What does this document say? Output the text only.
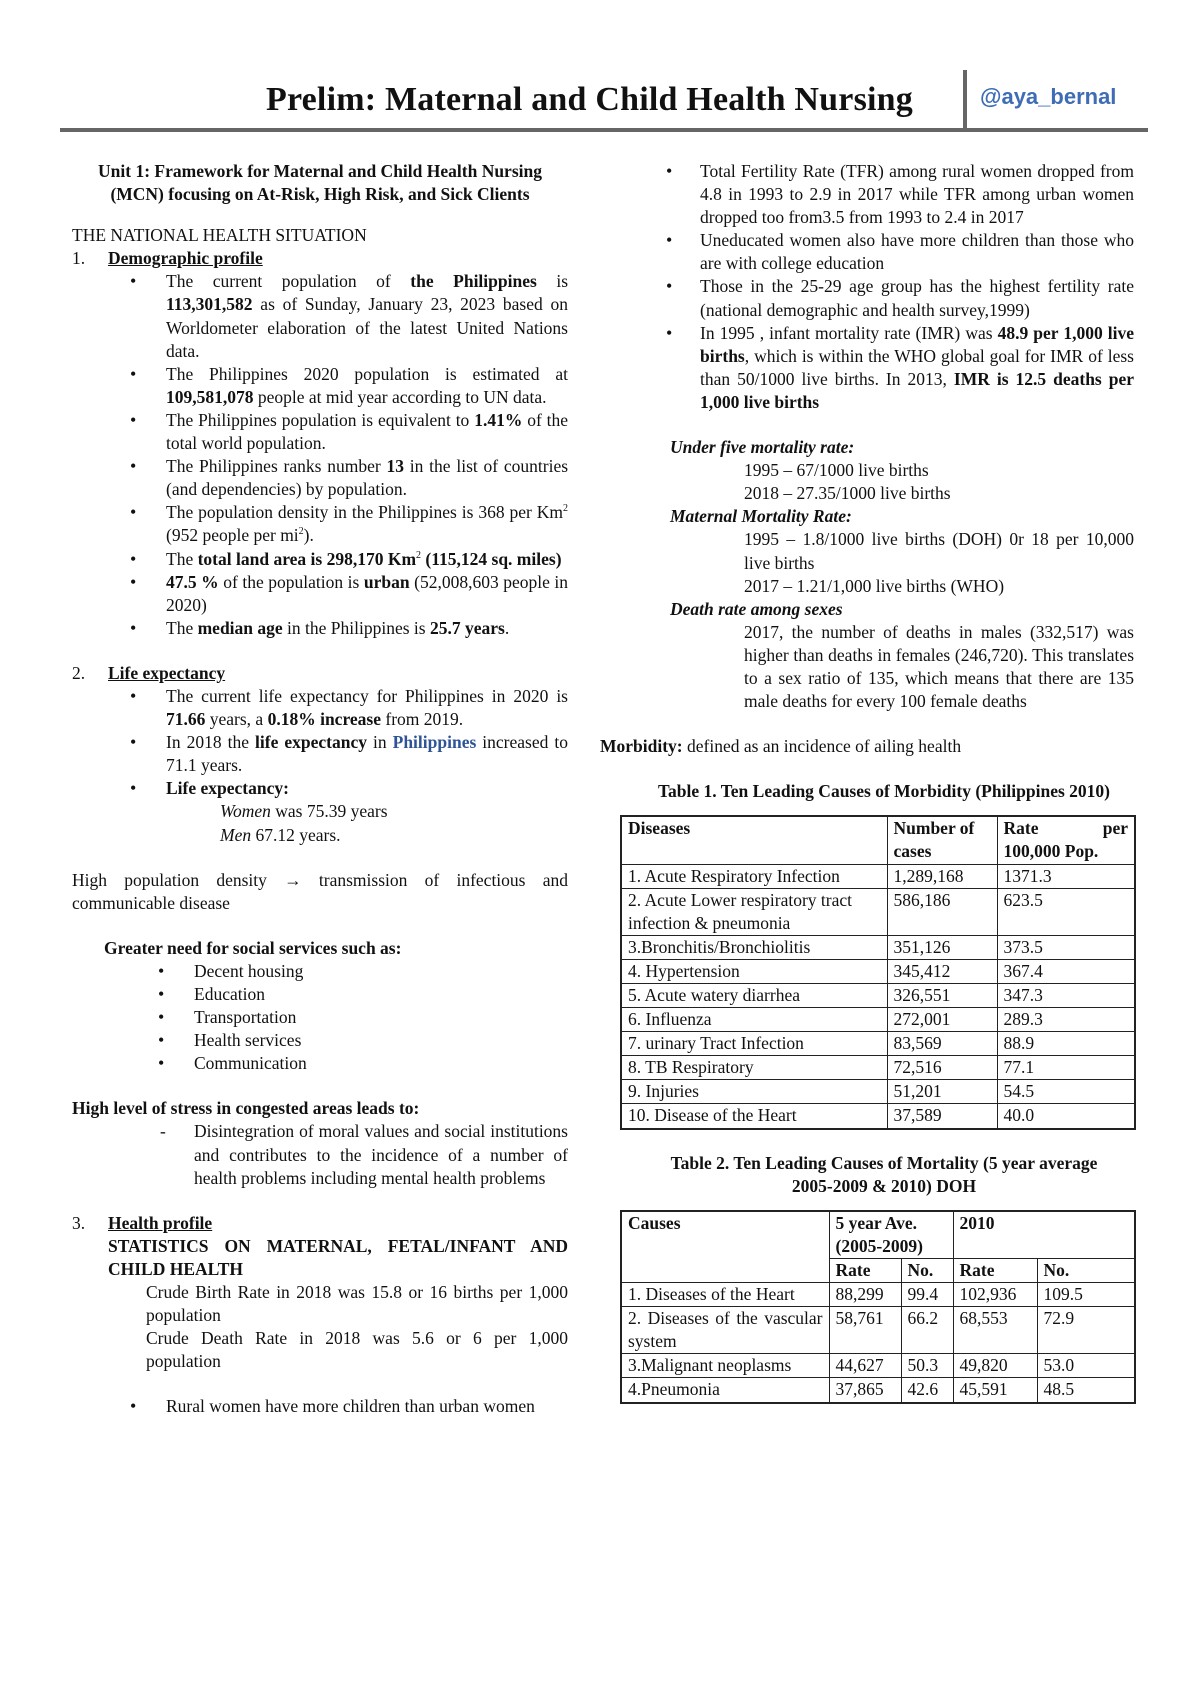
Prelim: Maternal and Child Health Nursing	@aya_bernal

Unit 1: Framework for Maternal and Child Health Nursing (MCN) focusing on At-Risk, High Risk, and Sick Clients

THE NATIONAL HEALTH SITUATION

1. Demographic profile
• The current population of the Philippines is 113,301,582 as of Sunday, January 23, 2023 based on Worldometer elaboration of the latest United Nations data.
• The Philippines 2020 population is estimated at 109,581,078 people at mid year according to UN data.
• The Philippines population is equivalent to 1.41% of the total world population.
• The Philippines ranks number 13 in the list of countries (and dependencies) by population.
• The population density in the Philippines is 368 per Km$^2$ (952 people per $mi^2$).
• The total land area is 298,170 Km$^2$ (115,124 sq. miles)
• 47.5 % of the population is urban (52,008,603 people in 2020)
• The median age in the Philippines is 25.7 years.
2. Life expectancy
• The current life expectancy for Philippines in 2020 is 71.66 years, a 0.18% increase from 2019.
• In 2018 the life expectancy in Philippines increased to 71.1 years.
• Life expectancy:

Women was 75.39 years

Men 67.12 years.

High population density → transmission of infectious and communicable disease

Greater need for social services such as:

• Decent housing
• Education
• Transportation
• Health services
• Communication

High level of stress in congested areas leads to:

- Disintegration of moral values and social institutions and contributes to the incidence of a number of health problems including mental health problems
3. Health profile

STATISTICS ON MATERNAL, FETAL/INFANT AND CHILD HEALTH

Crude Birth Rate in 2018 was 15.8 or 16 births per 1,000 population

Crude Death Rate in 2018 was 5.6 or 6 per 1,000 population

• Rural women have more children than urban women
• Total Fertility Rate (TFR) among rural women dropped from 4.8 in 1993 to 2.9 in 2017 while TFR among urban women dropped too from3.5 from 1993 to 2.4 in 2017
• Uneducated women also have more children than those who are with college education
• Those in the 25-29 age group has the highest fertility rate (national demographic and health survey,1999)
• In 1995 , infant mortality rate (IMR) was 48.9 per 1,000 live births, which is within the WHO global goal for IMR of less than 50/1000 live births. In 2013, IMR is 12.5 deaths per 1,000 live births

Under five mortality rate:

1995 – 67/1000 live births

2018 – 27.35/1000 live births

Maternal Mortality Rate:

1995 – 1.8/1000 live births (DOH) 0r 18 per 10,000 live births

2017 – 1.21/1,000 live births (WHO)

Death rate among sexes

2017, the number of deaths in males (332,517) was higher than deaths in females (246,720). This translates to a sex ratio of 135, which means that there are 135 male deaths for every 100 female deaths

Morbidity: defined as an incidence of ailing health

Table 1. Ten Leading Causes of Morbidity (Philippines 2010)

Diseases	Number of cases	Rate per 100,000 Pop.
1. Acute Respiratory Infection	1,289,168	1371.3
2. Acute Lower respiratory tract infection & pneumonia	586,186	623.5
3.Bronchitis/Bronchiolitis	351,126	373.5
4. Hypertension	345,412	367.4
5. Acute watery diarrhea	326,551	347.3
6. Influenza	272,001	289.3
7. urinary Tract Infection	83,569	88.9
8. TB Respiratory	72,516	77.1
9. Injuries	51,201	54.5
10. Disease of the Heart	37,589	40.0

Table 2. Ten Leading Causes of Mortality (5 year average 2005-2009 & 2010) DOH

Causes	5 year Ave. (2005-2009)		2010	
	Rate	No.	Rate	No.
1. Diseases of the Heart	88,299	99.4	102,936	109.5
2. Diseases of the vascular system	58,761	66.2	68,553	72.9
3.Malignant neoplasms	44,627	50.3	49,820	53.0
4.Pneumonia	37,865	42.6	45,591	48.5
